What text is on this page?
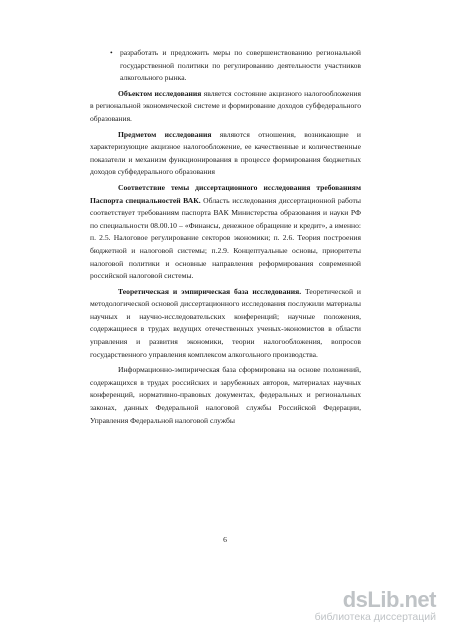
• разработать и предложить меры по совершенствованию региональной государственной политики по регулированию деятельности участников алкогольного рынка.

Объектом исследования является состояние акцизного налогообложения в региональной экономической системе и формирование доходов субфедерального образования.

Предметом исследования являются отношения, возникающие и характеризующие акцизное налогообложение, ее качественные и количественные показатели и механизм функционирования в процессе формирования бюджетных доходов субфедерального образования

Соответствие темы диссертационного исследования требованиям Паспорта специальностей ВАК. Область исследования диссертационной работы соответствует требованиям паспорта ВАК Министерства образования и науки РФ по специальности 08.00.10 – «Финансы, денежное обращение и кредит», а именно: п. 2.5. Налоговое регулирование секторов экономики; п. 2.6. Теория построения бюджетной и налоговой системы; п.2.9. Концептуальные основы, приоритеты налоговой политики и основные направления реформирования современной российской налоговой системы.

Теоретическая и эмпирическая база исследования. Теоретической и методологической основой диссертационного исследования послужили материалы научных и научно-исследовательских конференций; научные положения, содержащиеся в трудах ведущих отечественных ученых-экономистов в области управления и развития экономики, теории налогообложения, вопросов государственного управления комплексом алкогольного производства.

Информационно-эмпирическая база сформирована на основе положений, содержащихся в трудах российских и зарубежных авторов, материалах научных конференций, нормативно-правовых документах, федеральных и региональных законах, данных Федеральной налоговой службы Российской Федерации, Управления Федеральной налоговой службы

6
dsLib.net
библиотека диссертаций
